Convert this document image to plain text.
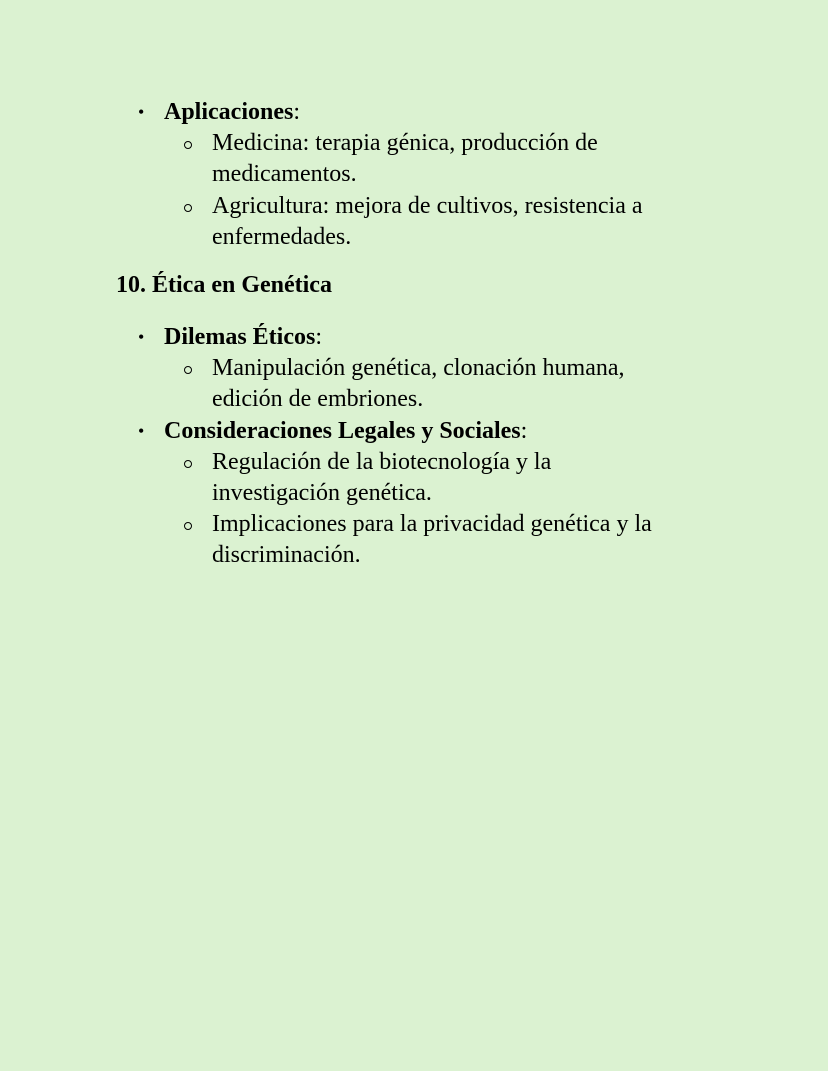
• Aplicaciones:
Medicina: terapia génica, producción de
medicamentos.
Agricultura: mejora de cultivos, resistencia a
enfermedades.
10. Ética en Genética
• Dilemas Éticos:
Manipulación genética, clonación humana,
edición de embriones.
• Consideraciones Legales y Sociales:
Regulación de la biotecnología y la
investigación genética.
Implicaciones para la privacidad genética y la
discriminación.
